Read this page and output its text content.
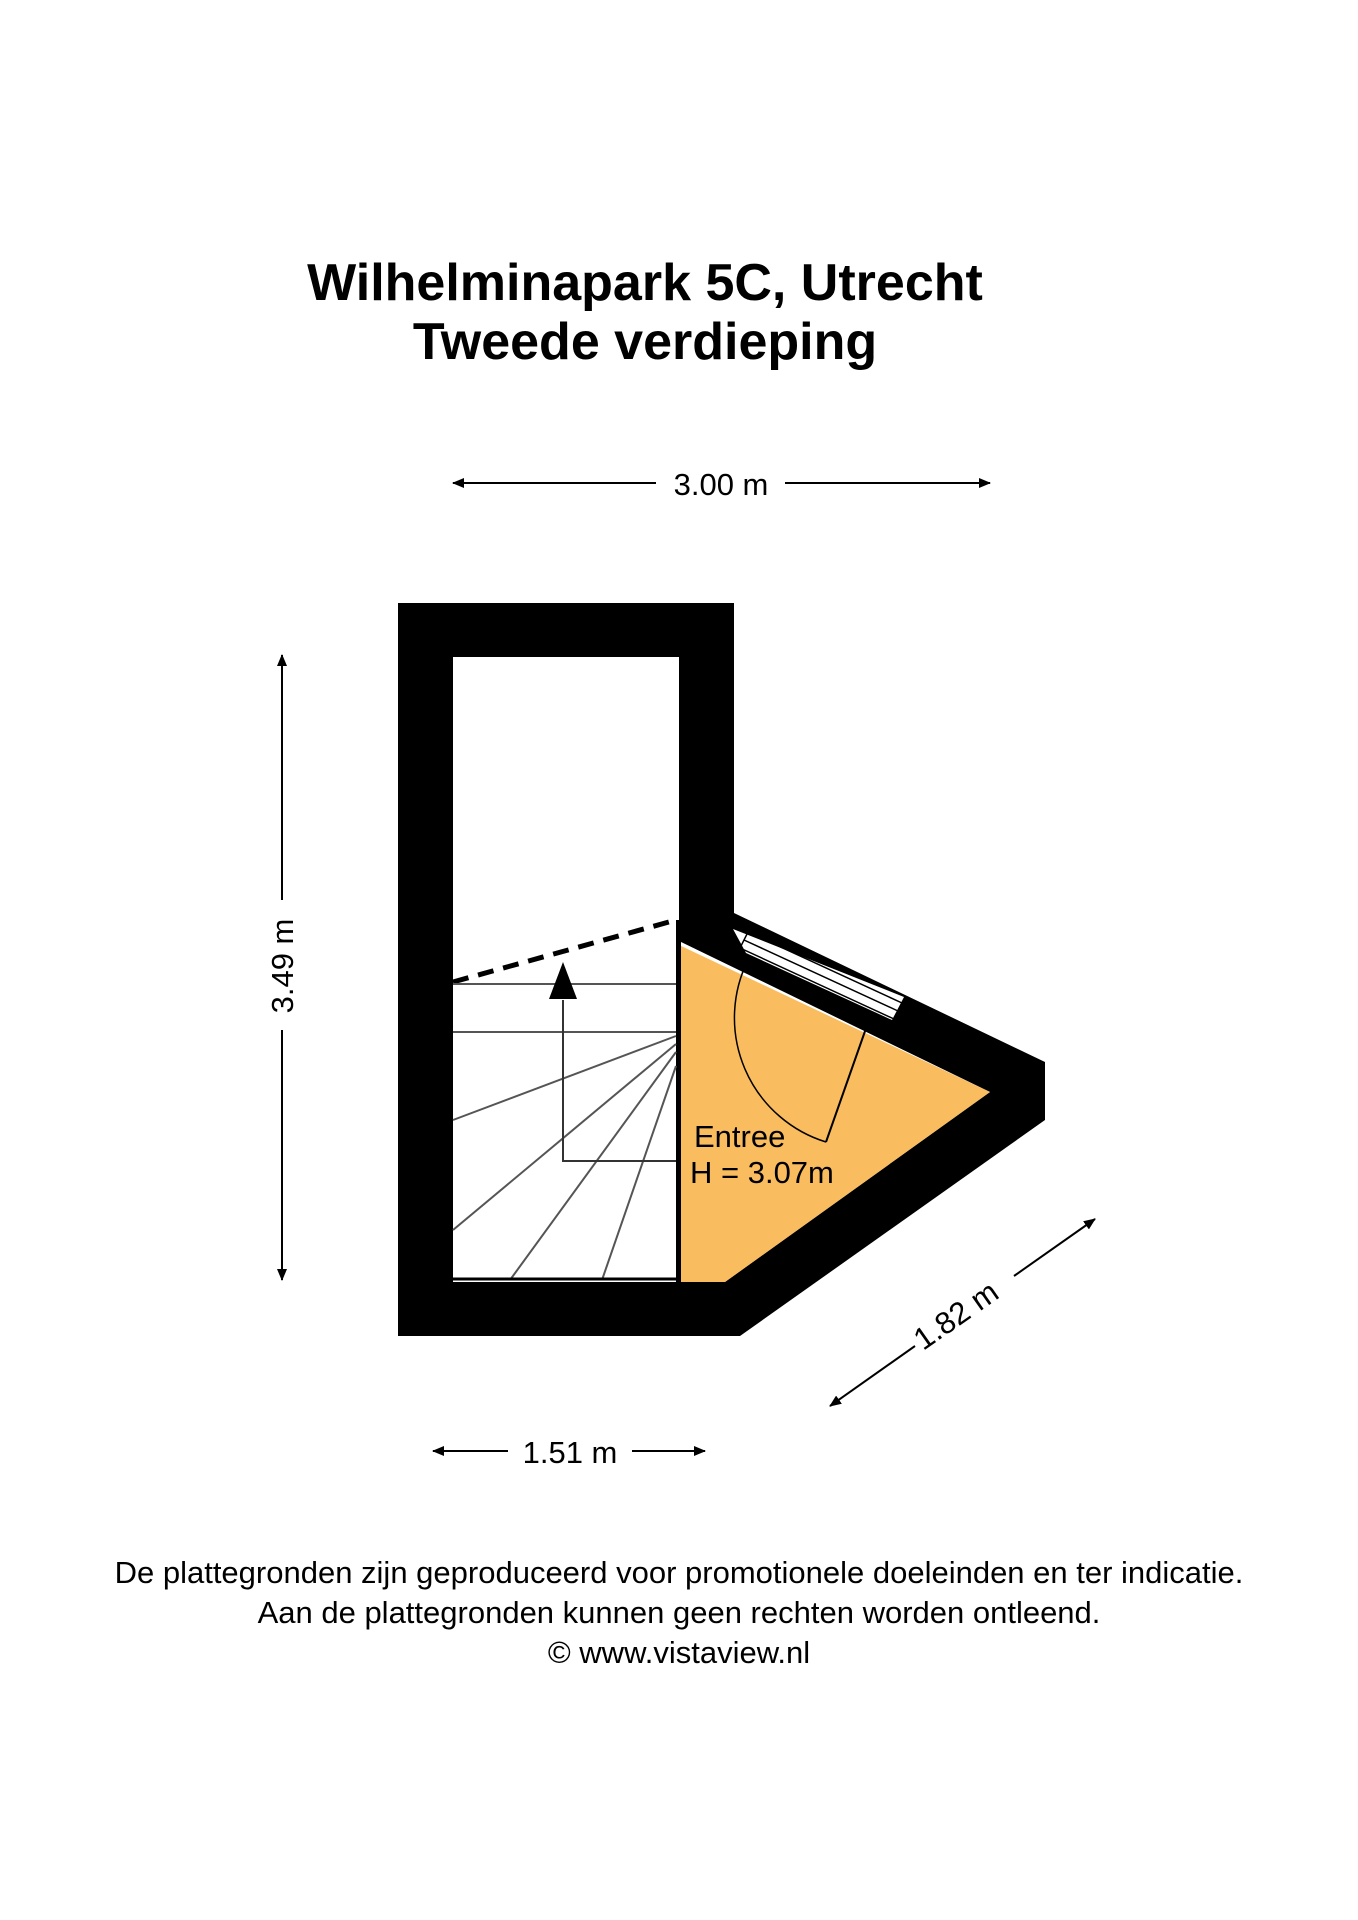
Wilhelminapark 5C, Utrecht
Tweede verdieping
Entree
H = 3.07m
3.00 m
3.49 m
1.51 m
1.82 m
De plattegronden zijn geproduceerd voor promotionele doeleinden en ter indicatie.
Aan de plattegronden kunnen geen rechten worden ontleend.
© www.vistaview.nl
